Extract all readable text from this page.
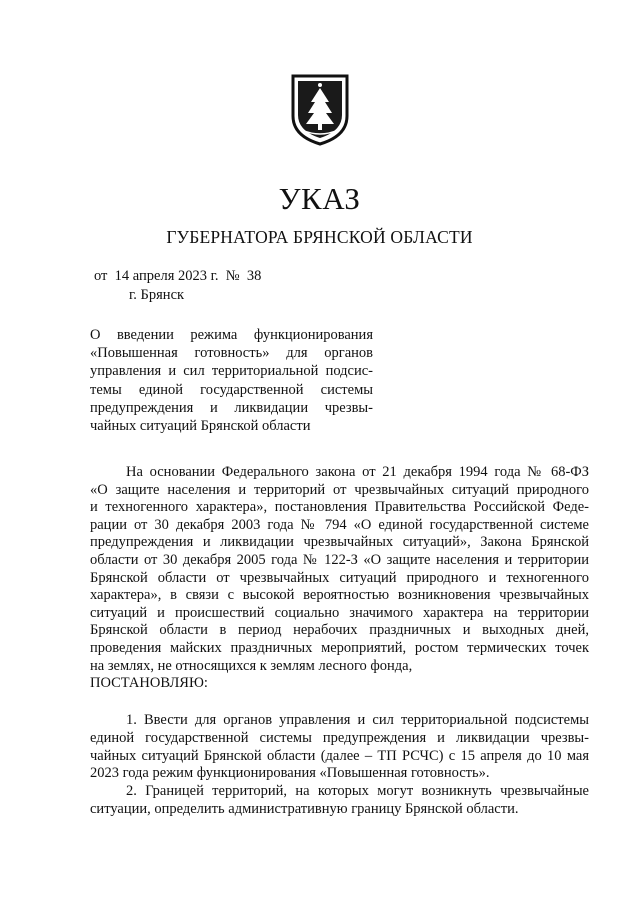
УКАЗ
ГУБЕРНАТОРА БРЯНСКОЙ ОБЛАСТИ
от  14 апреля 2023 г.  №  38
г. Брянск
О введении режима функционирования
«Повышенная готовность» для органов
управления и сил территориальной подсис-
темы единой государственной системы
предупреждения и ликвидации чрезвы-
чайных ситуаций Брянской области
На основании Федерального закона от 21 декабря 1994 года № 68-ФЗ
«О защите населения и территорий от чрезвычайных ситуаций природного
и техногенного характера», постановления Правительства Российской Феде-
рации от 30 декабря 2003 года № 794 «О единой государственной системе
предупреждения и ликвидации чрезвычайных ситуаций», Закона Брянской
области от 30 декабря 2005 года № 122-З «О защите населения и территории
Брянской области от чрезвычайных ситуаций природного и техногенного
характера», в связи с высокой вероятностью возникновения чрезвычайных
ситуаций и происшествий социально значимого характера на территории
Брянской области в период нерабочих праздничных и выходных дней,
проведения майских праздничных мероприятий, ростом термических точек
на землях, не относящихся к землям лесного фонда,
ПОСТАНОВЛЯЮ:
1. Ввести для органов управления и сил территориальной подсистемы
единой государственной системы предупреждения и ликвидации чрезвы-
чайных ситуаций Брянской области (далее – ТП РСЧС) с 15 апреля до 10 мая
2023 года режим функционирования «Повышенная готовность».
2. Границей территорий, на которых могут возникнуть чрезвычайные
ситуации, определить административную границу Брянской области.
